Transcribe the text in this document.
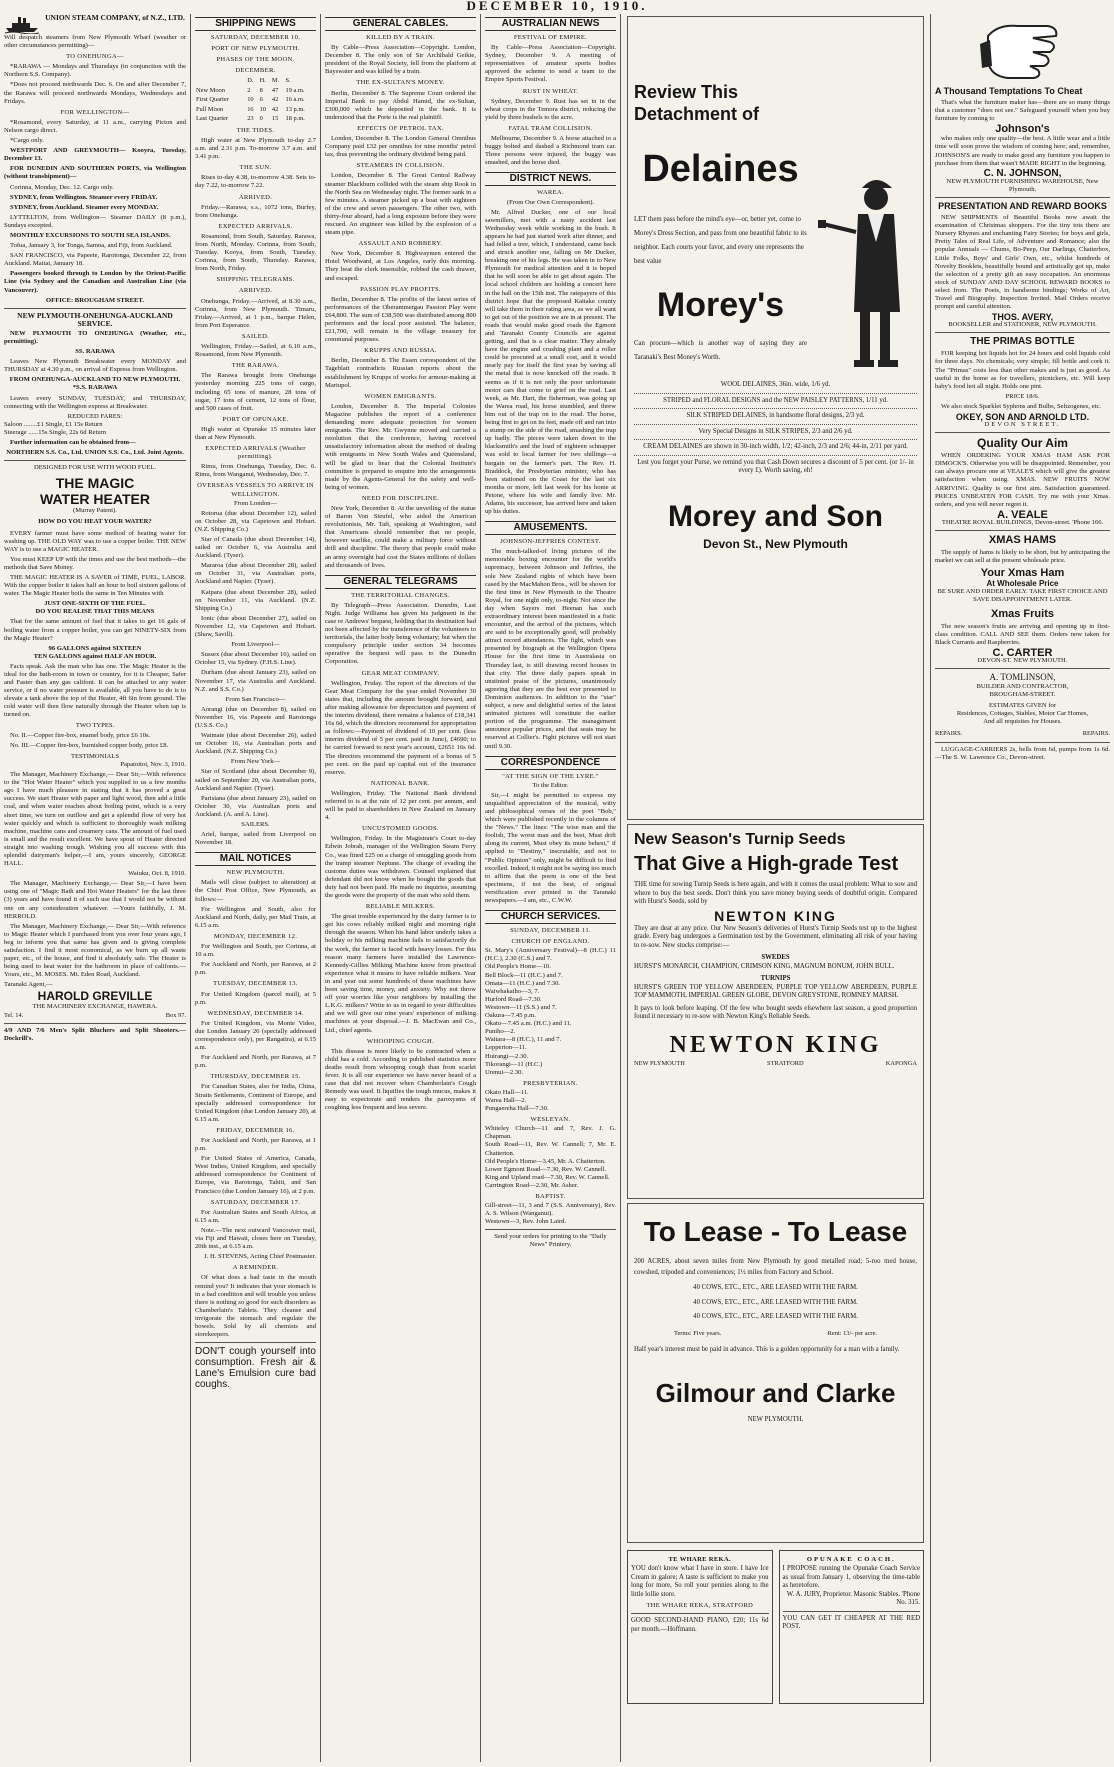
DECEMBER 10, 1910.
UNION STEAM COMPANY, of N.Z., LTD.
Will despatch steamers from New Plymouth Wharf (weather or other circumstances permitting)—
TO ONEHUNGA—
*RARAWA — Mondays and Thursdays (in conjunction with the Northern S.S. Company).
*Does not proceed northwards Dec. 6. On and after December 7, the Rarawa will proceed northwards Mondays, Wednesdays and Fridays.
FOR WELLINGTON—
*Rosamond, every Saturday, at 11 a.m., carrying Picton and Nelson cargo direct.
*Cargo only.
WESTPORT AND GREYMOUTH— Kooyra, Tuesday, December 13.
FOR DUNEDIN AND SOUTHERN PORTS, via Wellington (without transhipment)—
Corinna, Monday, Dec. 12. Cargo only.
SYDNEY, from Wellington. Steamer every FRIDAY.
SYDNEY, from Auckland. Steamer every MONDAY.
LYTTELTON, from Wellington— Steamer DAILY (8 p.m.), Sundays excepted.
MONTHLY EXCURSIONS TO SOUTH SEA ISLANDS.
Tofua, January 3, for Tonga, Samoa, and Fiji, from Auckland.
SAN FRANCISCO, via Papeete, Rarotonga, December 22, from Auckland. Maitai, January 18.
Passengers booked through to London by the Orient-Pacific Line (via Sydney and the Canadian and Australian Line (via Vancouver).
OFFICE: BROUGHAM STREET.
NEW PLYMOUTH-ONEHUNGA-AUCKLAND SERVICE.
NEW PLYMOUTH TO ONEHUNGA (Weather, etc., permitting).
SS. RARAWA
Leaves New Plymouth Breakwater every MONDAY and THURSDAY at 4.30 p.m., on arrival of Express from Wellington.
FROM ONEHUNGA-AUCKLAND TO NEW PLYMOUTH.
*S.S. RARAWA
Leaves every SUNDAY, TUESDAY, and THURSDAY, connecting with the Wellington express at Breakwater.
REDUCED FARES:
Saloon ........£1 Single, £1 15s Return
Steerage ......15s Single, 22s 6d Return
Further information can be obtained from—
NORTHERN S.S. Co., Ltd. UNION S.S. Co., Ltd. Joint Agents.
DESIGNED FOR USE WITH WOOD FUEL.
THE MAGIC
WATER HEATER
(Murray Patent).
HOW DO YOU HEAT YOUR WATER?
EVERY farmer must have some method of heating water for washing up. THE OLD WAY was to use a copper boiler. THE NEW WAY is to use a MAGIC HEATER.
You must KEEP UP with the times and use the best methods—the methods that Save Money.
THE MAGIC HEATER IS A SAVER of TIME, FUEL, LABOR. With the copper boiler it takes half an hour to boil sixteen gallons of water. The Magic Heater boils the same in Ten Minutes with
JUST ONE-SIXTH OF THE FUEL.
DO YOU REALISE THAT THIS MEANS
That for the same amount of fuel that it takes to get 16 gals of boiling water from a copper boiler, you can get NINETY-SIX from the Magic Heater?
96 GALLONS against SIXTEEN
TEN GALLONS against HALF AN HOUR.
Facts speak. Ask the man who has one. The Magic Heater is the ideal for the bath-room in town or country, for it is Cheaper, Safer and Faster than any gas califont. It can be attached to any water service, or if no water pressure is available, all you have to do is to elevate a tank above the top of the Heater, 4ft 6in from ground. The cold water will then flow naturally through the Heater when tap is turned on.
TWO TYPES.
No. II.—Copper fire-box, enamel body, price £6 10s.
No. III.—Copper fire-box, burnished copper body, price £8.
TESTIMONIALS
Papatoitoi, Nov. 3, 1910.
The Manager, Machinery Exchange,— Dear Sir,—With reference to the "Hot Water Heater" which you supplied to us a few months ago I have much pleasure in stating that it has proved a great success. We start Heater with paper and light wood, then add a little coal, and when water reaches about boiling point, which is a very short time, we turn on outflow and get a splendid flow of very hot water quickly and which is sufficient to thoroughly wash milking machine, machine cans and creamery cans. The amount of fuel used is small and the result excellent. We have spout of Heater directed straight into washing trough. Wishing you all success with this splendid dairyman's helper,—I am, yours sincerely, GEORGE HALL.
Waiuku, Oct. 8, 1910.
The Manager, Machinery Exchange,— Dear Sir,—I have been using one of "Magic Bath and Hot Water Heaters" for the last three (3) years and have found it of such use that I would not be without one on any consideration whatever. —Yours faithfully, J. M. HERROLD.
The Manager, Machinery Exchange,— Dear Sir,—With reference to Magic Heater which I purchased from you over four years ago, I beg to inform you that same has given and is giving complete satisfaction. I find it most economical, as we burn up all waste paper, etc., of the house, and find it absolutely safe. The Heater is being used to heat water for the bathroom in place of califonts.— Yours, etc., M. MOSES. Mt. Eden Road, Auckland.
Taranaki Agent,—
HAROLD GREVILLE
THE MACHINERY EXCHANGE, HAWERA.
Tel. 14.	Box 97.
4/9 AND 7/6 Men's Split Bluchers and Split Shooters.—Dockrill's.
SHIPPING NEWS
SATURDAY, DECEMBER 10.
PORT OF NEW PLYMOUTH.
PHASES OF THE MOON.
DECEMBER.
	D.	H.	M.	S.
New Moon	2	8	47	19 a.m.
First Quarter	10	6	42	16 a.m.
Full Moon	16	10	42	13 p.m.
Last Quarter	23	0	15	18 p.m.
THE TIDES.
High water at New Plymouth to-day 2.7 a.m. and 2.31 p.m. To-morrow 3.7 a.m. and 3.41 p.m.
THE SUN.
Rises to-day 4.38, to-morrow 4.38. Sets to-day 7.22, to-morrow 7.22.
ARRIVED.
Friday.—Rarawa, s.s., 1072 tons, Burfey, from Onehunga.
EXPECTED ARRIVALS.
Rosamond, from South, Saturday. Rarawa, from North, Monday. Corinna, from South, Tuesday. Kooya, from South, Tuesday. Corinna, from South, Thursday. Rarawa, from North, Friday.
SHIPPING TELEGRAMS.
ARRIVED.
Onehunga, Friday.—Arrived, at 8.30 a.m., Corinna, from New Plymouth. Timaru, Friday.—Arrived, at 1 p.m., barque Helen, from Port Esperance.
SAILED.
Wellington, Friday.—Sailed, at 6.10 a.m., Rosamond, from New Plymouth.
THE RARAWA.
The Rarawa brought from Onehunga yesterday morning 225 tons of cargo, including 65 tons of manure, 28 tons of sugar, 17 tons of cement, 12 tons of flour, and 500 cases of fruit.
PORT OF OPUNAKE.
High water at Opunake 15 minutes later than at New Plymouth.
EXPECTED ARRIVALS (Weather permitting).
Rimu, from Onehunga, Tuesday, Dec. 6. Rimu, from Wanganui, Wednesday, Dec. 7.
OVERSEAS VESSELS TO ARRIVE IN WELLINGTON.
From London—
Rotorua (due about December 12), sailed on October 28, via Capetown and Hobart. (N.Z. Shipping Co.)
Star of Canada (due about December 14), sailed on October 6, via Australia and Auckland. (Tyser).
Mararoa (due about December 28), sailed on October 31, via Australian ports, Auckland and Napier. (Tyser).
Kaipara (due about December 28), sailed on November 11, via Auckland. (N.Z. Shipping Co.)
Ionic (due about December 27), sailed on November 12, via Capetown and Hobart. (Shaw, Savill).
From Liverpool—
Sussex (due about December 16), sailed on October 15, via Sydney. (F.H.S. Line).
Durham (due about January 23), sailed on November 17, via Australia and Auckland. N.Z. and S.S. Co.)
From San Francisco—
Aorangi (due on December 8), sailed on November 16, via Papeete and Rarotonga (U.S.S. Co.)
Waimate (due about December 26), sailed on October 16, via Australian ports and Auckland. (N.Z. Shipping Co.)
From New York—
Star of Scotland (due about December 9), sailed on September 20, via Australian ports, Auckland and Napier. (Tyser).
Parisiana (due about January 23), sailed on October 30, via Australian ports and Auckland. (A. and A. Line).
SAILERS.
Ariel, barque, sailed from Liverpool on November 18.
MAIL NOTICES
NEW PLYMOUTH.
Mails will close (subject to alteration) at the Chief Post Office, New Plymouth, as follows:—
For Wellington and South, also for Auckland and North, daily, per Mail Train, at 6.15 a.m.
MONDAY, DECEMBER 12.
For Wellington and South, per Corinna, at 10 a.m.
For Auckland and North, per Rarawa, at 2 p.m.
TUESDAY, DECEMBER 13.
For United Kingdom (parcel mail), at 5 p.m.
WEDNESDAY, DECEMBER 14.
For United Kingdom, via Monte Video, due London January 26 (specially addressed correspondence only), per Rangatira), at 6.15 a.m.
For Auckland and North, per Rarawa, at 7 p.m.
THURSDAY, DECEMBER 15.
For Canadian States, also for India, China, Straits Settlements, Continent of Europe, and specially addressed correspondence for United Kingdom (due London January 20), at 6.15 a.m.
FRIDAY, DECEMBER 16.
For Auckland and North, per Rarawa, at 1 p.m.
For United States of America, Canada, West Indies, United Kingdom, and specially addressed correspondence for Continent of Europe, via Rarotonga, Tahiti, and San Francisco (due London January 16), at 2 p.m.
SATURDAY, DECEMBER 17.
For Australian States and South Africa, at 6.15 a.m.
Note.—The next outward Vancouver mail, via Fiji and Hawaii, closes here on Tuesday, 20th inst., at 6.15 a.m.
J. H. STEVENS, Acting Chief Postmaster.
A REMINDER.
Of what does a bad taste in the mouth remind you? It indicates that your stomach is in a bad condition and will trouble you unless there is nothing so good for such disorders as Chamberlain's Tablets. They cleanse and invigorate the stomach and regulate the bowels. Sold by all chemists and storekeepers.
DON'T cough yourself into consumption. Fresh air & Lane's Emulsion cure bad coughs.
GENERAL CABLES.
KILLED BY A TRAIN.
By Cable—Press Association—Copyright. London, December 8. The only son of Sir Archibald Geikie, president of the Royal Society, fell from the platform at Bayswater and was killed by a train.
THE EX-SULTAN'S MONEY.
Berlin, December 8. The Supreme Court ordered the Imperial Bank to pay Abdul Hamid, the ex-Sultan, £300,000 which he deposited in the bank. It is understood that the Porte is the real plaintiff.
EFFECTS OF PETROL TAX.
London, December 8. The London General Omnibus Company paid £32 per omnibus for nine months' petrol tax, thus preventing the ordinary dividend being paid.
STEAMERS IN COLLISION.
London, December 8. The Great Central Railway steamer Blackburn collided with the steam ship Rook in the North Sea on Wednesday night. The former sank in a few minutes. A steamer picked up a boat with eighteen of the crew and seven passengers. The other two, with thirty-four aboard, had a long exposure before they were rescued. An engineer was killed by the explosion of a steam pipe.
ASSAULT AND ROBBERY.
New York, December 8. Highwaymen entered the Hotel Woodward, at Los Angeles, early this morning. They beat the clerk insensible, robbed the cash drawer, and escaped.
PASSION PLAY PROFITS.
Berlin, December 8. The profits of the latest series of performances of the Oberammergau Passion Play were £64,800. The sum of £38,500 was distributed among 800 performers and the local poor assisted. The balance, £21,700, will remain in the village treasury for communal purposes.
KRUPPS AND RUSSIA.
Berlin, December 8. The Essen correspondent of the Tageblatt contradicts Russian reports about the establishment by Krupps of works for armour-making at Mariupol.
WOMEN EMIGRANTS.
London, December 8. The Imperial Colonies Magazine publishes the report of a conference demanding more adequate protection for women emigrants. The Rev. Mr. Gwynne moved and carried a resolution that the conference, having received unsatisfactory information about the method of dealing with emigrants in New South Wales and Queensland, will be glad to hear that the Colonial Institute's committee is prepared to enquire into the arrangements made by the Agents-General for the safety and well-being of women.
NEED FOR DISCIPLINE.
New York, December 8. At the unveiling of the statue of Baron Von Steufel, who aided the American revolutionists, Mr. Taft, speaking at Washington, said that Americans should remember that no people, however warlike, could make a military force without drill and discipline. The theory that people could make an army overnight had cost the States millions of dollars and thousands of lives.
GENERAL TELEGRAMS
THE TERRITORIAL CHANGES.
By Telegraph—Press Association. Dunedin, Last Night. Judge Williams has given his judgment in the case re Andrews' bequest, holding that its destination had not been affected by the transference of the volunteers to territorials, the latter body being voluntary; but when the compulsory principle under section 34 becomes operative the bequest will pass to the Dunedin Corporation.
GEAR MEAT COMPANY.
Wellington, Friday. The report of the directors of the Gear Meat Company for the year ended November 30 states that, including the amount brought forward, and after making allowance for depreciation and payment of the interim dividend, there remains a balance of £18,341 16s 6d, which the directors recommend for appropriation as follows:—Payment of dividend of 10 per cent. (less interim dividend of 5 per cent. paid in June), £4690; to be carried forward to next year's account, £2651 16s 6d. The directors recommend the payment of a bonus of 5 per cent. on the paid up capital out of the insurance reserve.
NATIONAL BANK.
Wellington, Friday. The National Bank dividend referred to is at the rate of 12 per cent. per annum, and will be paid to shareholders in New Zealand on January 4.
UNCUSTOMED GOODS.
Wellington, Friday. In the Magistrate's Court to-day Edwin Jobrah, manager of the Wellington Steam Ferry Co., was fined £25 on a charge of smuggling goods from the tramp steamer Neptune. The charge of evading the customs duties was withdrawn. Counsel explained that defendant did not know when he bought the goods that duty had not been paid. He made no inquiries, assuming the goods were the property of the man who sold them.
RELIABLE MILKERS.
The great trouble experienced by the dairy farmer is to get his cows reliably milked night and morning right through the season. When his hand labor underly takes a holiday or his milking machine fails to satisfactorily do the work, the farmer is faced with heavy losses. For this reason many farmers have installed the Lawrence-Kennedy-Gillies Milking Machine know from practical experience what it means to have reliable milkers. Year in and year out some hundreds of these machines have been saving time, money, and anxiety. Why not throw off your worries like your neighbors by installing the L.K.G. milkers? Write to us in regard to your difficulties and we will give our nine years' experience of milking machines at your disposal.—J. B. MacEwan and Co., Ltd., chief agents.
WHOOPING COUGH.
This disease is more likely to be contracted when a child has a cold. According to published statistics more deaths result from whooping cough than from scarlet fever. It is all our experience we have never heard of a case that did not recover when Chamberlain's Cough Remedy was used. It liquifies the tough mucus, makes it easy to expectorate and renders the paroxysms of coughing less frequent and less severe.
AUSTRALIAN NEWS
FESTIVAL OF EMPIRE.
By Cable—Press Association—Copyright. Sydney, December 9. A meeting of representatives of amateur sports bodies approved the scheme to send a team to the Empire Sports Festival.
RUST IN WHEAT.
Sydney, December 9. Rust has set in in the wheat crops in the Temora district, reducing the yield by three bushels to the acre.
FATAL TRAM COLLISION.
Melbourne, December 9. A horse attached to a buggy bolted and dashed a Richmond tram car. Three persons were injured, the buggy was smashed, and the horse died.
DISTRICT NEWS.
WAREA.
(From Our Own Correspondent).
Mr. Alfred Ducker, one of our local sawmillers, met with a nasty accident last Wednesday week while working in the bush. It appears he had just started work after dinner, and had felled a tree, which, I understand, came back and struck another one, falling on Mr Ducker, breaking one of his legs. He was taken in to New Plymouth for medical attention and it is hoped that he will soon be able to get about again. The local school children are holding a concert here in the hall on the 15th inst. The ratepayers of this district hope that the proposed Kaitake county will take them in their rating area, as we all want to get out of the position we are in at present. The roads that would make good roads the Egmont and Taranaki County Councils are against getting, and that is a clear matter. They already have the engine and crushing plant and a roller could be procured at a small cost, and it would nearly pay for itself the first year by saving all the metal that is now knocked off the roads. It seems as if it is not only the poor unfortunate motor cars that come to grief on the road. Last week, as Mr. Hart, the fisherman, was going up the Warea road, his horse stumbled, and threw him out of the trap on to the road. The horse, being first to get on its feet, made off and ran into a stump on the side of the road, smashing the trap up badly. The pieces were taken down to the blacksmith's and the load of eighteen schnapper was sold to local farmer for two shillings—a bargain on the farmer's part. The Rev. H. Braddock, the Presbyterian minister, who has been stationed on the Coast for the last six months or more, left last week for his home at Petone, where his wife and family live. Mr. Adams, his successor, has arrived here and taken up his duties.
AMUSEMENTS.
JOHNSON-JEFFRIES CONTEST.
The much-talked-of living pictures of the memorable boxing encounter for the world's supremacy, between Johnson and Jeffries, the sole New Zealand rights of which have been cased by the MacMahon Bros., will be shown for the first time in New Plymouth in the Theatre Royal, for one night only, to-night. Not since the day when Sayers met Heenan has such extraordinary interest been manifested in a fistic encounter, and the arrival of the pictures, which are said to be exceptionally good, will probably attract record attendances. The fight, which was presented by biograph at the Wellington Opera House for the first time in Australasia on Thursday last, is still drawing record houses in that city. The three daily papers speak in unstinted praise of the pictures, unanimously agreeing that they are the best ever presented to Dominion audiences. In addition to the "star" subject, a new and delightful series of the latest animated pictures will constitute the earlier portion of the programme. The management announce popular prices, and that seats may be reserved at Collier's. Fight pictures will not start until 9.30.
CORRESPONDENCE
"AT THE SIGN OF THE LYRE."
To the Editor.
Sir,—I might be permitted to express my unqualified appreciation of the musical, witty and philosophical verses of the poet "Bob," which were published recently in the columns of the "News." The lines: "The wise man and the foolish, The worst man and the best, Must drift along its current, Must obey its mute behest," if applied to "Destiny," inscrutable, and not to "Public Opinion" only, might be difficult to find excelled. Indeed, it might not be saying too much to affirm that the poem is one of the best specimens, if not the best, of original versification ever printed in the Taranaki newspapers.—I am, etc., C.W.W.
CHURCH SERVICES.
SUNDAY, DECEMBER 11.
CHURCH OF ENGLAND.
St. Mary's (Anniversary Festival)—8 (H.C.) 11 (H.C.), 2.30 (C.S.) and 7.
Old People's Home—10.
Bell Block—11 (H.C.) and 7.
Omata—11 (H.C.) and 7.30.
Waiwhakaiho—3, 7.
Hurford Road—7.30.
Westown—11 (S.S.) and 7.
Oakura—7.45 p.m.
Okato—7.45 a.m. (H.C.) and 11.
Puniho—2.
Waitara—8 (H.C.), 11 and 7.
Lepperton—11.
Huirangi—2.30.
Tikorangi—11 (H.C.)
Urenui—2.30.
PRESBYTERIAN.
Okato Hall—11.
Warea Hall—2.
Pungaereha Hall—7.30.
WESLEYAN.
Whiteley Church—11 and 7, Rev. J. G. Chapman.
South Road—11, Rev. W. Cannell; 7, Mr. E. Chatterton.
Old People's Home—3.45, Mr. A. Chatterton.
Lower Egmont Road—7.30, Rev. W. Cannell.
King and Upland road—7.30, Rev. W. Cannell.
Carrington Road—2.30, Mr. Asher.
BAPTIST.
Gill-street—11, 3 and 7 (S.S. Anniversary), Rev. A. S. Wilson (Wanganui).
Westown—3, Rev. John Laird.
Send your orders for printing to the "Daily News" Printery.
Review This
Detachment of
Delaines
LET them pass before the mind's eye—or, better yet, come to Morey's Dress Section, and pass from one beautiful fabric to its neighbor. Each courts your favor, and every one represents the best value
Morey's
Can procure—which is another way of saying they are Taranaki's Best Money's Worth.
WOOL DELAINES, 36in. wide, 1/6 yd.
STRIPED and FLORAL DESIGNS and the NEW PAISLEY PATTERNS, 1/11 yd.
SILK STRIPED DELAINES, in handsome floral designs, 2/3 yd.
Very Special Designs in SILK STRIPES, 2/3 and 2/6 yd.
CREAM DELAINES are shown in 30-inch width, 1/2; 42-inch, 2/3 and 2/6; 44-in, 2/11 per yard.
Lest you forget your Purse, we remind you that Cash Down secures a discount of 5 per cent. (or 1/- in every £). Worth saving, eh!
Morey and Son
Devon St., New Plymouth
New Season's Turnip Seeds
That Give a High-grade Test
THE time for sowing Turnip Seeds is here again, and with it comes the usual problem: What to sow and where to buy the best seeds. Don't think you save money buying seeds of doubtful origin. Compared with Hurst's Seeds, sold by
NEWTON KING
They are dear at any price. Our New Season's deliveries of Hurst's Turnip Seeds test up to the highest grade. Every bag undergoes a Germination test by the Government, eliminating all risk of your having to re-sow. New stocks comprise:—
SWEDES
HURST'S MONARCH, CHAMPION, CRIMSON KING, MAGNUM BONUM, JOHN BULL.
TURNIPS
HURST'S GREEN TOP YELLOW ABERDEEN, PURPLE TOP YELLOW ABERDEEN, PURPLE TOP MAMMOTH, IMPERIAL GREEN GLOBE, DEVON GREYSTONE, ROMNEY MARSH.
It pays to look before leaping. Of the few who bought seeds elsewhere last season, a good proportion found it necessary to re-sow with Newton King's Reliable Seeds.
NEWTON KING
NEW PLYMOUTH	STRATFORD	KAPONGA
To Lease - To Lease
200 ACRES, about seven miles from New Plymouth by good metalled road; 5-roo med house, cowshed, tripoded and conveniences; 1½ miles from Factory and School.
40 COWS, ETC., ETC., ARE LEASED WITH THE FARM.
40 COWS, ETC., ETC., ARE LEASED WITH THE FARM.
40 COWS, ETC., ETC., ARE LEASED WITH THE FARM.
Terms: Five years.	Rent: 13/- per acre.
Half year's interest must be paid in advance. This is a golden opportunity for a man with a family.
Gilmour and Clarke
NEW PLYMOUTH.
TE WHARE REKA.
YOU don't know what I have in store. I have Ice Cream in galore; A taste is sufficient to make you long for more, So roll your pennies along to the little lollie store.
THE WHARE REKA, STRATFORD
GOOD SECOND-HAND PIANO, £20; 11s 6d per month.—Hoffmann.
OPUNAKE COACH.
I PROPOSE running the Opunake Coach Service as usual from January 1, observing the time-table as heretofore.
W. A. JURY, Proprietor. Masonic Stables. 'Phone No. 315.
YOU CAN GET IT CHEAPER AT THE RED POST.
A Thousand Temptations To Cheat
That's what the furniture maker has—there are so many things that a customer "does not see." Safeguard yourself when you buy furniture by coming to
Johnson's
who makes only one quality—the best. A little wear and a little time will soon prove the wisdom of coming here; and, remember, JOHNSON'S are ready to make good any furniture you happen to purchase from them that wasn't MADE RIGHT in the beginning.
C. N. JOHNSON,
NEW PLYMOUTH FURNISHING WAREHOUSE, New Plymouth.
PRESENTATION AND REWARD BOOKS
NEW SHIPMENTS of Beautiful Books now await the examination of Christmas shoppers. For the tiny tots there are Nursery Rhymes and enchanting Fairy Stories; for boys and girls, Pretty Tales of Real Life, of Adventure and Romance; also the popular Annuals — Chums, Bo-Peep, Our Darlings, Chatterbox, Little Folks, Boys' and Girls' Own, etc., whilst hundreds of Novelty Booklets, beautifully bound and artistically got up, make the selection of a pretty gift an easy occupation. An enormous stock of SUNDAY AND DAY SCHOOL REWARD BOOKS to select from. The Poets, in handsome bindings; Works of Art, Travel and Biography. Inspection Invited. Mail Orders receive prompt and careful attention.
THOS. AVERY,
BOOKSELLER and STATIONER, NEW PLYMOUTH.
THE PRIMAS BOTTLE
FOR keeping hot liquids hot for 24 hours and cold liquids cold for three days. No chemicals; very simple; fill bottle and cork it. The "Primas" costs less than other makes and is just as good. As useful in the home as for travellers, picnickers, etc. Will keep baby's food hot all night. Holds one pint.
PRICE 18/6.
We also stock Sparklet Syphons and Bulbs, Seltzogenes, etc.
OKEY, SON AND ARNOLD LTD.
DEVON STREET.
Quality Our Aim
WHEN ORDERING YOUR XMAS HAM ASK FOR DIMOCK'S. Otherwise you will be disappointed. Remember, you can always procure one at VEALE'S which will give the greatest satisfaction when using. XMAS. NEW FRUITS NOW ARRIVING. Quality is our first aim. Satisfaction guaranteed. PRICES UNBEATEN FOR CASH. Try me with your Xmas. orders, and you will never regret it.
A. VEALE
THEATRE ROYAL BUILDINGS, Devon-street. 'Phone 166.
XMAS HAMS
The supply of hams is likely to be short, but by anticipating the market we can sell at the present wholesale price.
Your Xmas Ham
At Wholesale Price
BE SURE AND ORDER EARLY. TAKE FIRST CHOICE AND SAVE DISAPPOINTMENT LATER.
Xmas Fruits
The new season's fruits are arriving and opening up in first-class condition. CALL AND SEE them. Orders now taken for Black Currants and Raspberries.
C. CARTER
DEVON-ST. NEW PLYMOUTH.
A. TOMLINSON,
BUILDER AND CONTRACTOR,
BROUGHAM-STREET.
ESTIMATES GIVEN for
Residences, Cottages, Stables, Motor Car Homes,
And all requisites for Houses.
REPAIRS.	REPAIRS.
LUGGAGE-CARRIERS 2s, bells from 6d, pumps from 1s 6d.—The S. W. Lawrence Co., Devon-street.
